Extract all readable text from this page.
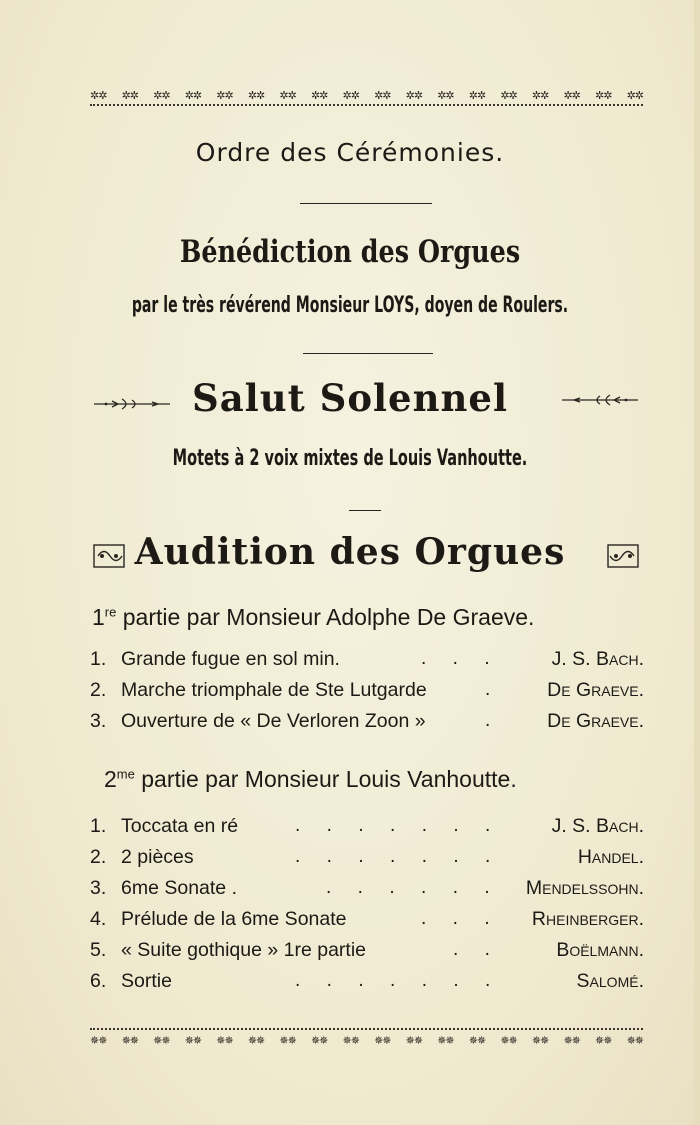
✲✲ ✲✲ ✲✲ ✲✲ ✲✲ ✲✲ ✲✲ ✲✲ ✲✲ ✲✲ ✲✲ ✲✲ ✲✲ ✲✲ ✲✲ ✲✲ ✲✲ ✲✲
Ordre des Cérémonies.
Bénédiction des Orgues
par le très révérend Monsieur LOYS, doyen de Roulers.
Salut Solennel
Motets à 2 voix mixtes de Louis Vanhoutte.
Audition des Orgues
1re partie par Monsieur Adolphe De Graeve.
1. Grande fugue en sol min.	.     .     .	J. S. Bach.
2. Marche triomphale de Ste Lutgarde	.	De Graeve.
3. Ouverture de « De Verloren Zoon »	.	De Graeve.
$2^{me}$ partie par Monsieur Louis Vanhoutte.
1. Toccata en ré	.     .     .     .     .     .     .	J. S. Bach.
2. 2 pièces	.     .     .     .     .     .     .	Handel.
3. 6me Sonate .	.     .     .     .     .     . Mendelssohn.
4. Prélude de la 6me Sonate	.     .     . Rheinberger.
5. « Suite gothique » 1re partie	.     .	Boëlmann.
6. Sortie	.     .     .     .     .     .     .	Salomé.
✵✵ ✵✵ ✵✵ ✵✵ ✵✵ ✵✵ ✵✵ ✵✵ ✵✵ ✵✵ ✵✵ ✵✵ ✵✵ ✵✵ ✵✵ ✵✵ ✵✵ ✵✵
